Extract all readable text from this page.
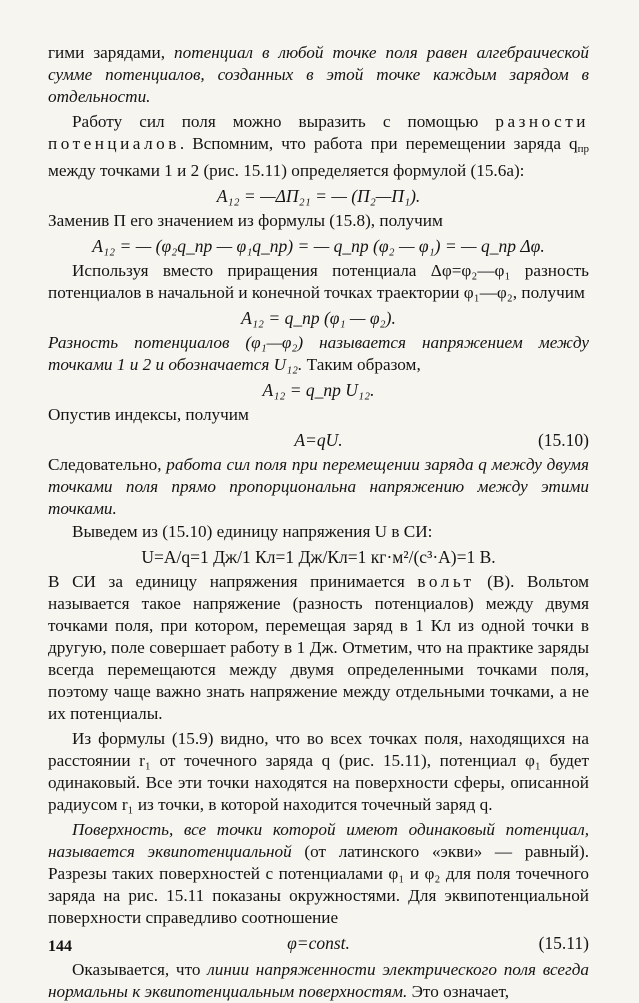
гими зарядами, потенциал в любой точке поля равен алгебраической сумме потенциалов, созданных в этой точке каждым зарядом в отдельности.

Работу сил поля можно выразить с помощью разности потенциалов. Вспомним, что работа при перемещении заряда $q_{пр}$ между точками 1 и 2 (рис. 15.11) определяется формулой (15.6а):

A₁₂ = —ΔП₂₁ = — (П₂—П₁).

Заменив П его значением из формулы (15.8), получим

A₁₂ = — (φ₂q_пр — φ₁q_пр) = — q_пр (φ₂ — φ₁) = — q_пр Δφ.

Используя вместо приращения потенциала Δφ=φ₂—φ₁ разность потенциалов в начальной и конечной точках траектории φ₁—φ₂, получим

A₁₂ = q_пр (φ₁ — φ₂).

Разность потенциалов (φ₁—φ₂) называется напряжением между точками 1 и 2 и обозначается U₁₂. Таким образом,

A₁₂ = q_пр U₁₂.

Опустив индексы, получим

A=qU.	(15.10)

Следовательно, работа сил поля при перемещении заряда q между двумя точками поля прямо пропорциональна напряжению между этими точками.

Выведем из (15.10) единицу напряжения U в СИ:

U=A/q=1 Дж/1 Кл=1 Дж/Кл=1 кг·м²/(с³·А)=1 В.

В СИ за единицу напряжения принимается вольт (В). Вольтом называется такое напряжение (разность потенциалов) между двумя точками поля, при котором, перемещая заряд в 1 Кл из одной точки в другую, поле совершает работу в 1 Дж. Отметим, что на практике заряды всегда перемещаются между двумя определенными точками поля, поэтому чаще важно знать напряжение между отдельными точками, а не их потенциалы.

Из формулы (15.9) видно, что во всех точках поля, находящихся на расстоянии r₁ от точечного заряда q (рис. 15.11), потенциал φ₁ будет одинаковый. Все эти точки находятся на поверхности сферы, описанной радиусом r₁ из точки, в которой находится точечный заряд q.

Поверхность, все точки которой имеют одинаковый потенциал, называется эквипотенциальной (от латинского «экви» — равный). Разрезы таких поверхностей с потенциалами φ₁ и φ₂ для поля точечного заряда на рис. 15.11 показаны окружностями. Для эквипотенциальной поверхности справедливо соотношение

φ=const.	(15.11)

Оказывается, что линии напряженности электрического поля всегда нормальны к эквипотенциальным поверхностям. Это означает,

144
